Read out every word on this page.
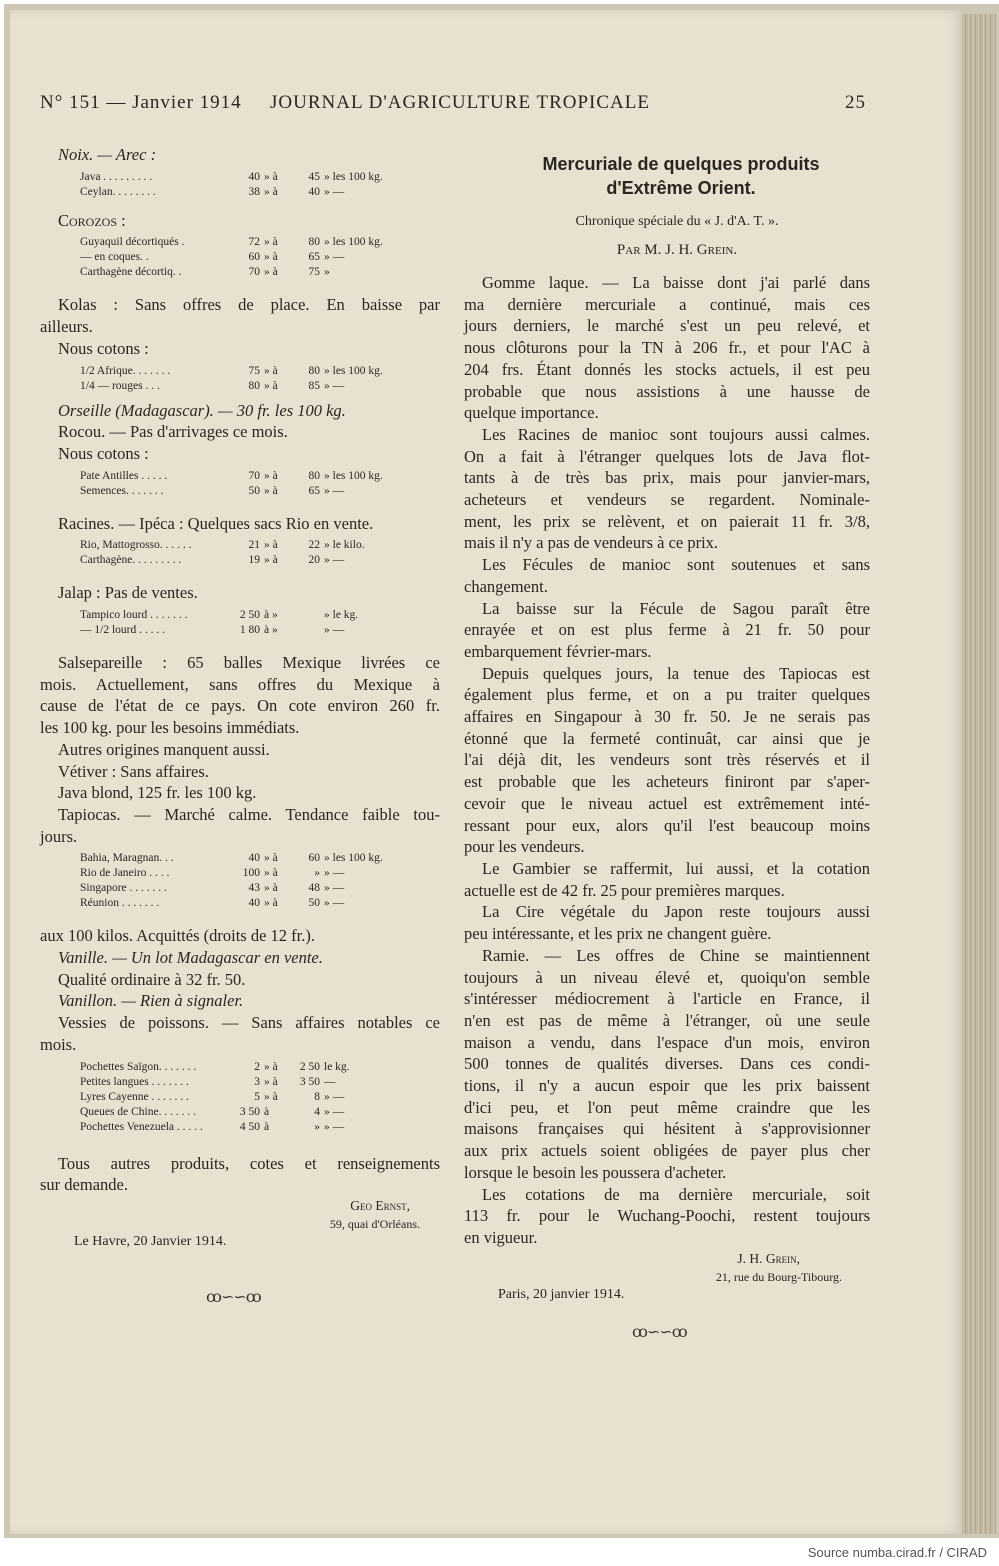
N° 151 — Janvier 1914 JOURNAL D'AGRICULTURE TROPICALE	25

Noix. — Arec :

Java . . . . . . . . .	40	» à	45	» les 100 kg.
Ceylan. . . . . . . .	38	» à	40	» —

Corozos :

Guyaquil décortiqués .	72	» à	80	» les 100 kg.
— en coques. .	60	» à	65	» —
Carthagène décortiq. .	70	» à	75	»

Kolas : Sans offres de place. En baisse par

ailleurs.

Nous cotons :

1/2 Afrique. . . . . . .	75	» à	80	» les 100 kg.
1/4 — rouges . . .	80	» à	85	» —

Orseille (Madagascar). — 30 fr. les 100 kg.

Rocou. — Pas d'arrivages ce mois.

Nous cotons :

Pate Antilles . . . . .	70	» à	80	» les 100 kg.
Semences. . . . . . .	50	» à	65	» —

Racines. — Ipéca : Quelques sacs Rio en vente.

Rio, Mattogrosso. . . . . .	21	» à	22	» le kilo.
Carthagène. . . . . . . . .	19	» à	20	» —

Jalap : Pas de ventes.

Tampico lourd . . . . . . .	2 50	à »		» le kg.
— 1/2 lourd . . . . .	1 80	à »		» —

Salsepareille : 65 balles Mexique livrées ce

mois. Actuellement, sans offres du Mexique à

cause de l'état de ce pays. On cote environ 260 fr.

les 100 kg. pour les besoins immédiats.

Autres origines manquent aussi.

Vétiver : Sans affaires.

Java blond, 125 fr. les 100 kg.

Tapiocas. — Marché calme. Tendance faible tou-

jours.

Bahia, Maragnan. . .	40	» à	60	» les 100 kg.
Rio de Janeiro . . . .	100	» à	»	» —
Singapore . . . . . . .	43	» à	48	» —
Réunion . . . . . . .	40	» à	50	» —

aux 100 kilos. Acquittés (droits de 12 fr.).

Vanille. — Un lot Madagascar en vente.

Qualité ordinaire à 32 fr. 50.

Vanillon. — Rien à signaler.

Vessies de poissons. — Sans affaires notables ce

mois.

Pochettes Saïgon. . . . . . .	2	» à	2 50	le kg.
Petites langues . . . . . . .	3	» à	3 50	—
Lyres Cayenne . . . . . . .	5	» à	8	» —
Queues de Chine. . . . . . .	3 50	à	4	» —
Pochettes Venezuela . . . . .	4 50	à	»	» —

Tous autres produits, cotes et renseignements

sur demande.

Geo Ernst,

59, quai d'Orléans.

Le Havre, 20 Janvier 1914.

ꝏ∽∽ꝏ

Mercuriale de quelques produits

d'Extrême Orient.

Chronique spéciale du « J. d'A. T. ».

Par M. J. H. Grein.

Gomme laque. — La baisse dont j'ai parlé dans

ma dernière mercuriale a continué, mais ces

jours derniers, le marché s'est un peu relevé, et

nous clôturons pour la TN à 206 fr., et pour l'AC à

204 frs. Étant donnés les stocks actuels, il est peu

probable que nous assistions à une hausse de

quelque importance.

Les Racines de manioc sont toujours aussi calmes.

On a fait à l'étranger quelques lots de Java flot-

tants à de très bas prix, mais pour janvier-mars,

acheteurs et vendeurs se regardent. Nominale-

ment, les prix se relèvent, et on paierait 11 fr. 3/8,

mais il n'y a pas de vendeurs à ce prix.

Les Fécules de manioc sont soutenues et sans

changement.

La baisse sur la Fécule de Sagou paraît être

enrayée et on est plus ferme à 21 fr. 50 pour

embarquement février-mars.

Depuis quelques jours, la tenue des Tapiocas est

également plus ferme, et on a pu traiter quelques

affaires en Singapour à 30 fr. 50. Je ne serais pas

étonné que la fermeté continuât, car ainsi que je

l'ai déjà dit, les vendeurs sont très réservés et il

est probable que les acheteurs finiront par s'aper-

cevoir que le niveau actuel est extrêmement inté-

ressant pour eux, alors qu'il l'est beaucoup moins

pour les vendeurs.

Le Gambier se raffermit, lui aussi, et la cotation

actuelle est de 42 fr. 25 pour premières marques.

La Cire végétale du Japon reste toujours aussi

peu intéressante, et les prix ne changent guère.

Ramie. — Les offres de Chine se maintiennent

toujours à un niveau élevé et, quoiqu'on semble

s'intéresser médiocrement à l'article en France, il

n'en est pas de même à l'étranger, où une seule

maison a vendu, dans l'espace d'un mois, environ

500 tonnes de qualités diverses. Dans ces condi-

tions, il n'y a aucun espoir que les prix baissent

d'ici peu, et l'on peut même craindre que les

maisons françaises qui hésitent à s'approvisionner

aux prix actuels soient obligées de payer plus cher

lorsque le besoin les poussera d'acheter.

Les cotations de ma dernière mercuriale, soit

113 fr. pour le Wuchang-Poochi, restent toujours

en vigueur.

J. H. Grein,

21, rue du Bourg-Tibourg.

Paris, 20 janvier 1914.

ꝏ∽∽ꝏ

Source numba.cirad.fr / CIRAD
